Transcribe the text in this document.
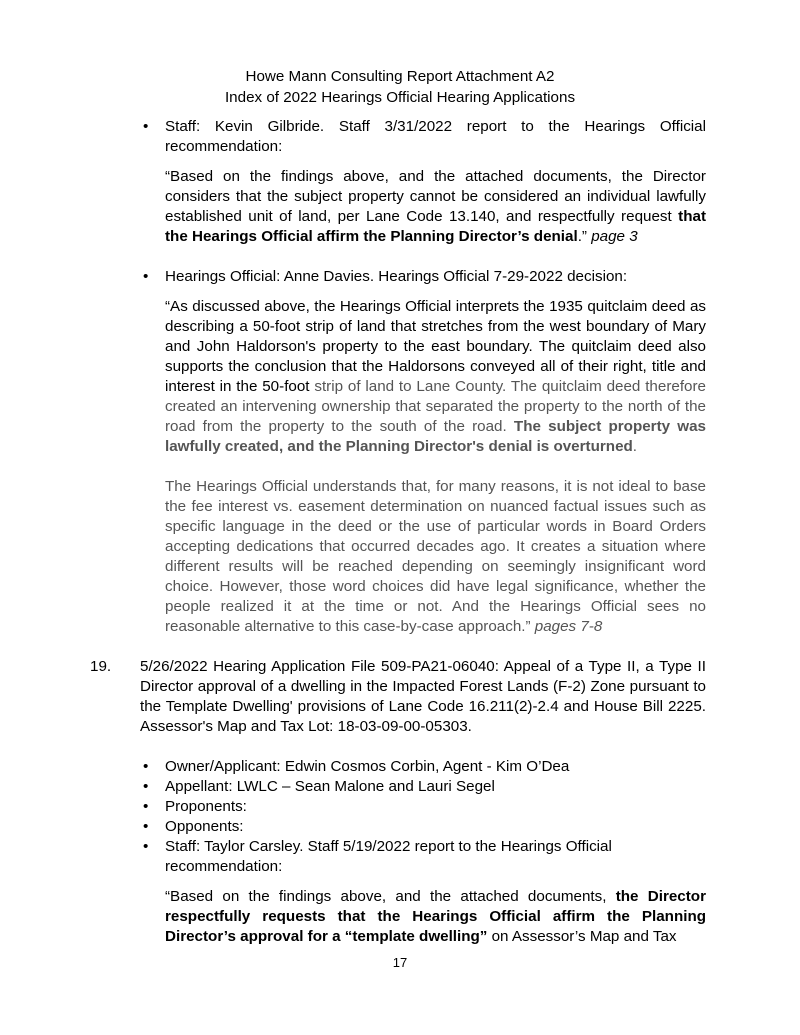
Howe Mann Consulting Report Attachment A2
Index of 2022 Hearings Official Hearing Applications
• Staff: Kevin Gilbride. Staff 3/31/2022 report to the Hearings Official recommendation:
“Based on the findings above, and the attached documents, the Director considers that the subject property cannot be considered an individual lawfully established unit of land, per Lane Code 13.140, and respectfully request that the Hearings Official affirm the Planning Director’s denial.” page 3
• Hearings Official: Anne Davies. Hearings Official 7-29-2022 decision:
“As discussed above, the Hearings Official interprets the 1935 quitclaim deed as describing a 50-foot strip of land that stretches from the west boundary of Mary and John Haldorson's property to the east boundary. The quitclaim deed also supports the conclusion that the Haldorsons conveyed all of their right, title and interest in the 50-foot strip of land to Lane County. The quitclaim deed therefore created an intervening ownership that separated the property to the north of the road from the property to the south of the road. The subject property was lawfully created, and the Planning Director's denial is overturned.
The Hearings Official understands that, for many reasons, it is not ideal to base the fee interest vs. easement determination on nuanced factual issues such as specific language in the deed or the use of particular words in Board Orders accepting dedications that occurred decades ago. It creates a situation where different results will be reached depending on seemingly insignificant word choice. However, those word choices did have legal significance, whether the people realized it at the time or not. And the Hearings Official sees no reasonable alternative to this case-by-case approach.” pages 7-8
19. 5/26/2022 Hearing Application File 509-PA21-06040: Appeal of a Type II, a Type II Director approval of a dwelling in the Impacted Forest Lands (F-2) Zone pursuant to the Template Dwelling' provisions of Lane Code 16.211(2)-2.4 and House Bill 2225. Assessor's Map and Tax Lot: 18-03-09-00-05303.
• Owner/Applicant: Edwin Cosmos Corbin, Agent - Kim O’Dea
• Appellant: LWLC – Sean Malone and Lauri Segel
• Proponents:
• Opponents:
• Staff: Taylor Carsley. Staff 5/19/2022 report to the Hearings Official recommendation:
“Based on the findings above, and the attached documents, the Director respectfully requests that the Hearings Official affirm the Planning Director’s approval for a “template dwelling” on Assessor’s Map and Tax
17
